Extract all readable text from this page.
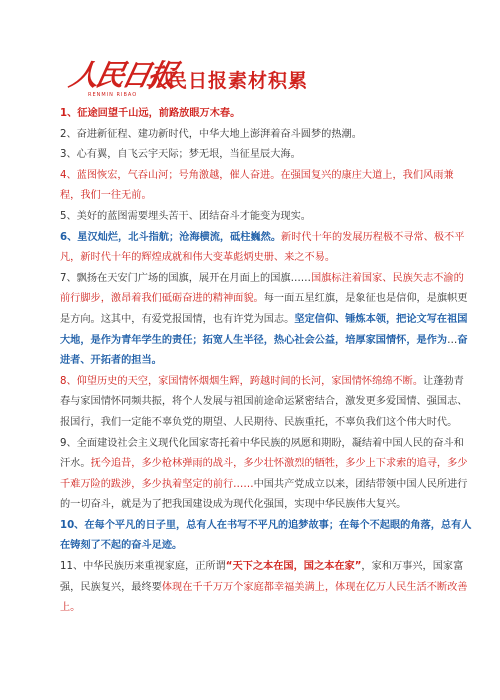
人民日报
RENMIN RIBAO
人民日报素材积累

1、征途回望千山远，前路放眼万木春。

2、奋进新征程、建功新时代，中华大地上澎湃着奋斗圆梦的热潮。

3、心有翼，自飞云宇天际；梦无垠，当征星辰大海。

4、蓝图恢宏，气吞山河；号角激越，催人奋进。在强国复兴的康庄大道上，我们风雨兼程，我们一往无前。

5、美好的蓝图需要埋头苦干、团结奋斗才能变为现实。

6、星汉灿烂，北斗指航；沧海横流，砥柱巍然。新时代十年的发展历程极不寻常、极不平凡，新时代十年的辉煌成就和伟大变革彪炳史册、来之不易。

7、飘扬在天安门广场的国旗，展开在月面上的国旗……国旗标注着国家、民族矢志不渝的前行脚步，激昂着我们砥砺奋进的精神面貌。每一面五星红旗，是象征也是信仰，是旗帜更是方向。这其中，有爱党报国情，也有许党为国志。坚定信仰、锤炼本领，把论文写在祖国大地，是作为青年学生的责任；拓宽人生半径，热心社会公益，培厚家国情怀，是作为…奋进者、开拓者的担当。

8、仰望历史的天空，家国情怀烟烟生辉，跨越时间的长河，家国情怀绵绵不断。让蓬勃青春与家国情怀同频共振，将个人发展与祖国前途命运紧密结合，激发更多爱国情、强国志、报国行，我们一定能不辜负党的期望、人民期待、民族重托，不辜负我们这个伟大时代。

9、全面建设社会主义现代化国家寄托着中华民族的夙愿和期盼，凝结着中国人民的奋斗和汗水。抚今追昔，多少枪林弹雨的战斗，多少壮怀激烈的牺牲，多少上下求索的追寻，多少千难万险的跋涉，多少执着坚定的前行……中国共产党成立以来，团结带领中国人民所进行的一切奋斗，就是为了把我国建设成为现代化强国，实现中华民族伟大复兴。

10、在每个平凡的日子里，总有人在书写不平凡的追梦故事；在每个不起眼的角落，总有人在铸刻了不起的奋斗足迹。

11、中华民族历来重视家庭，正所谓“天下之本在国，国之本在家”，家和万事兴，国家富强，民族复兴，最终要体现在千千万万个家庭都幸福美满上，体现在亿万人民生活不断改善上。
